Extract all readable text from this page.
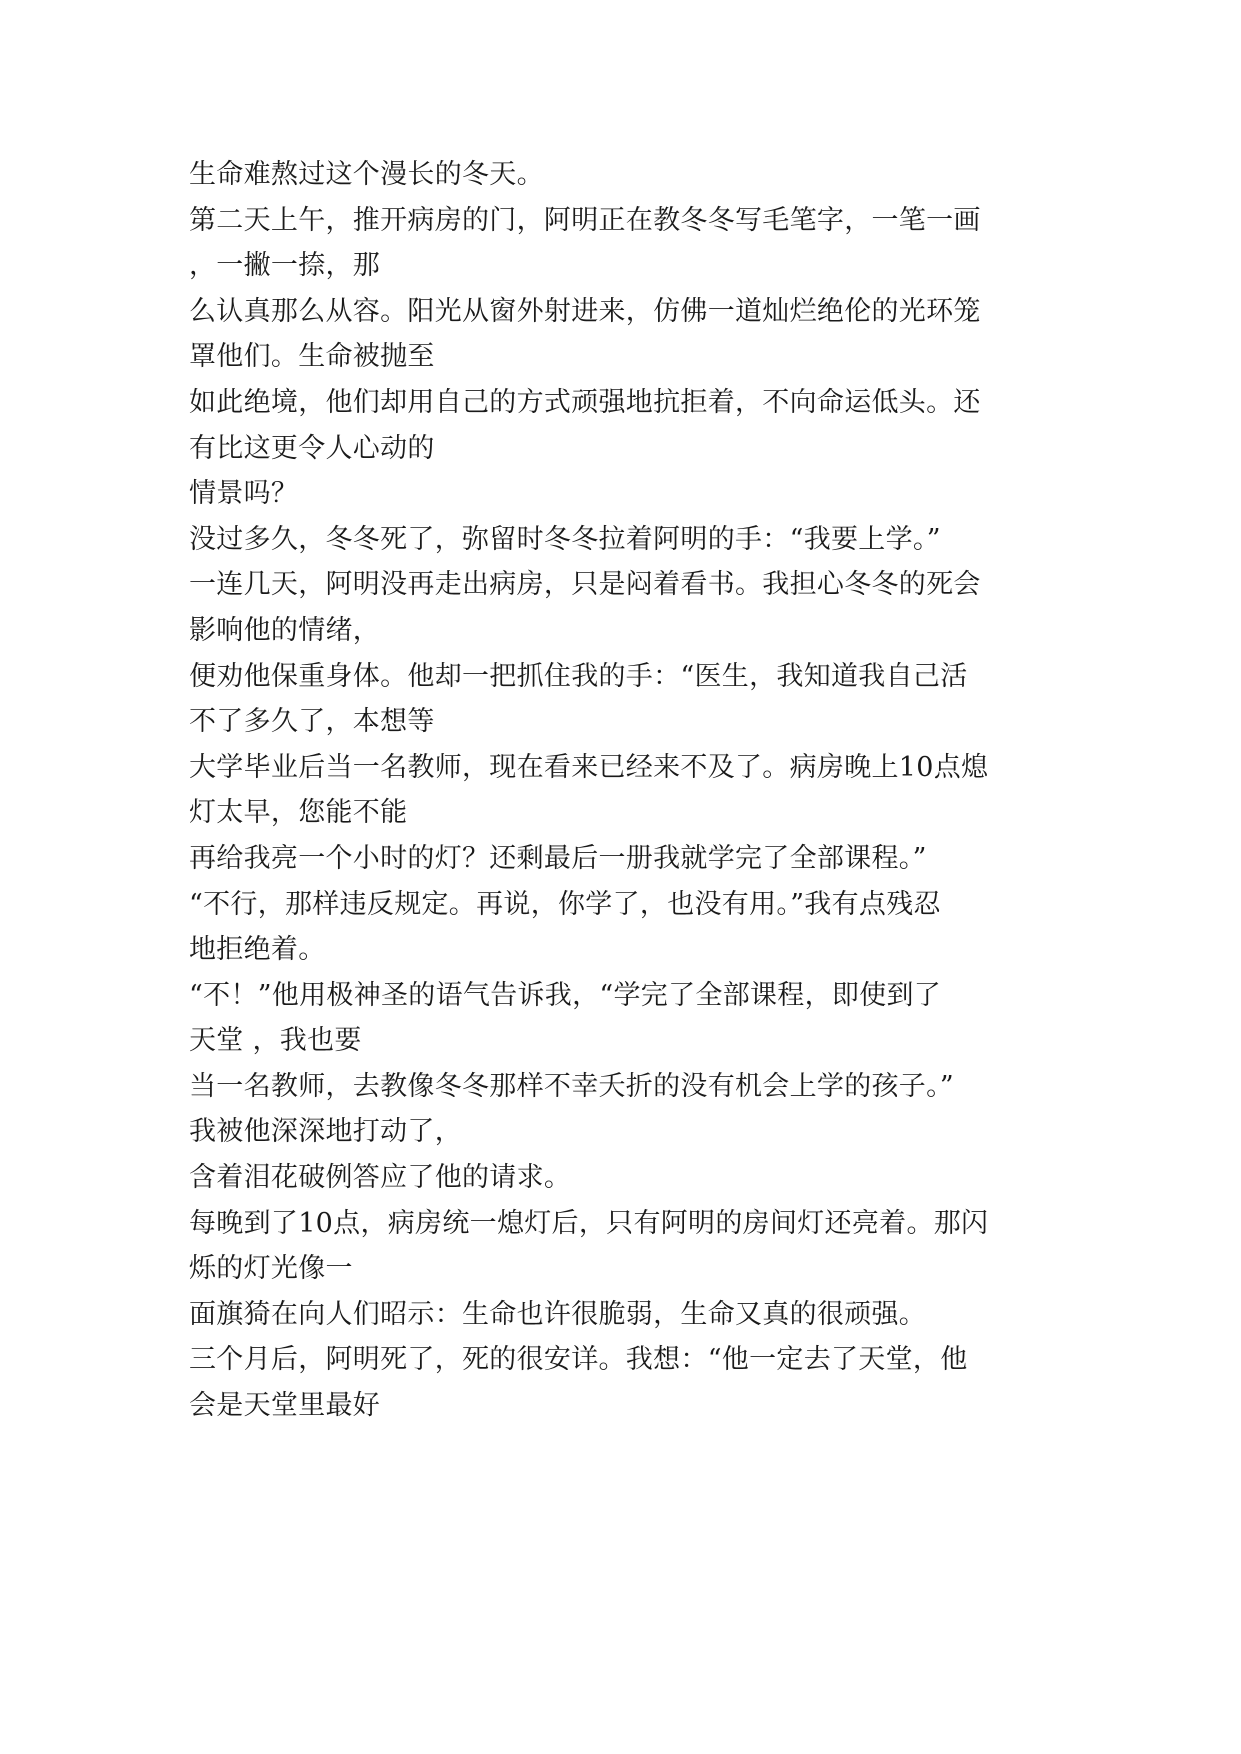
生命难熬过这个漫长的冬天。
第二天上午，推开病房的门，阿明正在教冬冬写毛笔字，一笔一画
，一撇一捺，那
么认真那么从容。阳光从窗外射进来，仿佛一道灿烂绝伦的光环笼
罩他们。生命被抛至
如此绝境，他们却用自己的方式顽强地抗拒着，不向命运低头。还
有比这更令人心动的
情景吗？
没过多久，冬冬死了，弥留时冬冬拉着阿明的手：“我要上学。”
一连几天，阿明没再走出病房，只是闷着看书。我担心冬冬的死会
影响他的情绪，
便劝他保重身体。他却一把抓住我的手：“医生，我知道我自己活
不了多久了，本想等
大学毕业后当一名教师，现在看来已经来不及了。病房晚上10点熄
灯太早，您能不能
再给我亮一个小时的灯？还剩最后一册我就学完了全部课程。”
“不行，那样违反规定。再说，你学了，也没有用。”我有点残忍
地拒绝着。
“不！”他用极神圣的语气告诉我，“学完了全部课程，即使到了
天堂 ，我也要
当一名教师，去教像冬冬那样不幸夭折的没有机会上学的孩子。”
我被他深深地打动了，
含着泪花破例答应了他的请求。
每晚到了10点，病房统一熄灯后，只有阿明的房间灯还亮着。那闪
烁的灯光像一
面旗猗在向人们昭示：生命也许很脆弱，生命又真的很顽强。
三个月后，阿明死了，死的很安详。我想：“他一定去了天堂，他
会是天堂里最好
